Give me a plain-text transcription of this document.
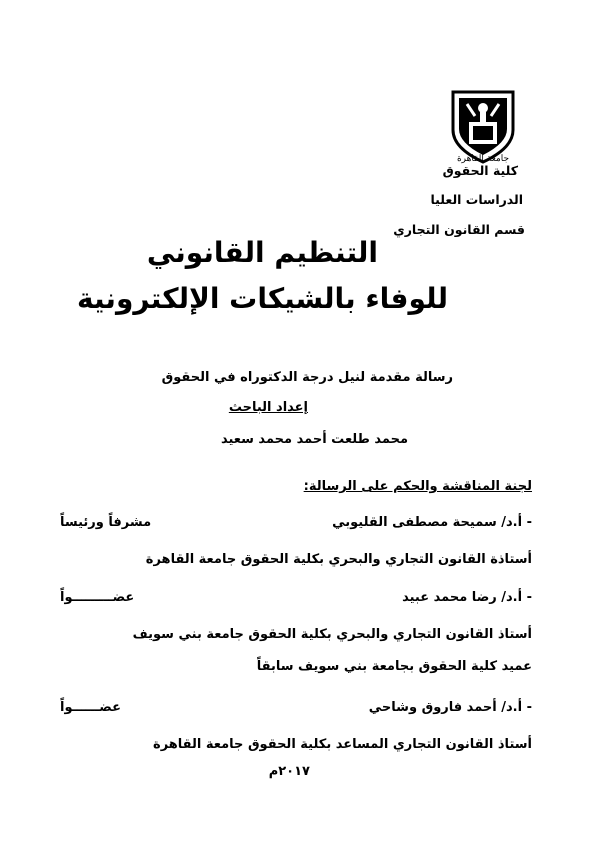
جامعة القاهرة
كلية الحقوق
الدراسات العليا
قسم القانون التجاري
التنظيم القانوني
للوفاء بالشيكات الإلكترونية
رسالة مقدمة لنيل درجة الدكتوراه في الحقوق
إعداد الباحث
محمد طلعت أحمد محمد سعيد
لجنة المناقشة والحكم على الرسالة:
- أ.د/ سميحة مصطفى القليوبي
مشرفاً ورئيساً
أستاذة القانون التجاري والبحري بكلية الحقوق جامعة القاهرة
- أ.د/ رضا محمد عبيد
عضـــــــــواً
أستاذ القانون التجاري والبحري بكلية الحقوق جامعة بني سويف
عميد كلية الحقوق بجامعة بني سويف سابقاً
- أ.د/ أحمد فاروق وشاحي
عضــــــواً
أستاذ القانون التجاري المساعد بكلية الحقوق جامعة القاهرة
٢٠١٧م
